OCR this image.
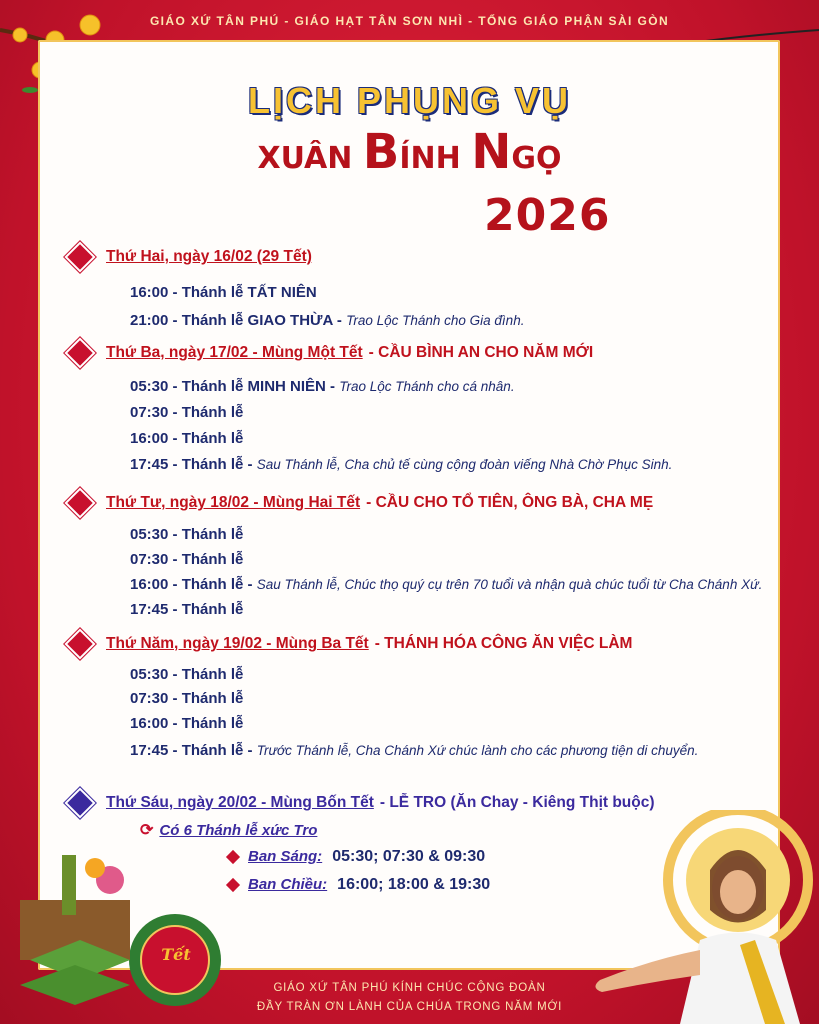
GIÁO XỨ TÂN PHÚ - GIÁO HẠT TÂN SƠN NHÌ - TỔNG GIÁO PHẬN SÀI GÒN
LỊCH PHỤNG VỤ
XUÂN BÍNH NGỌ
2026
Thứ Hai, ngày 16/02 (29 Tết)
16:00 - Thánh lễ TẤT NIÊN
21:00 - Thánh lễ GIAO THỪA - Trao Lộc Thánh cho Gia đình.
Thứ Ba, ngày 17/02 - Mùng Một Tết - CẦU BÌNH AN CHO NĂM MỚI
05:30 - Thánh lễ MINH NIÊN - Trao Lộc Thánh cho cá nhân.
07:30 - Thánh lễ
16:00 - Thánh lễ
17:45 - Thánh lễ - Sau Thánh lễ, Cha chủ tế cùng cộng đoàn viếng Nhà Chờ Phục Sinh.
Thứ Tư, ngày 18/02 - Mùng Hai Tết - CẦU CHO TỔ TIÊN, ÔNG BÀ, CHA MẸ
05:30 - Thánh lễ
07:30 - Thánh lễ
16:00 - Thánh lễ - Sau Thánh lễ, Chúc thọ quý cụ trên 70 tuổi và nhận quà chúc tuổi từ Cha Chánh Xứ.
17:45 - Thánh lễ
Thứ Năm, ngày 19/02 - Mùng Ba Tết - THÁNH HÓA CÔNG ĂN VIỆC LÀM
05:30 - Thánh lễ
07:30 - Thánh lễ
16:00 - Thánh lễ
17:45 - Thánh lễ - Trước Thánh lễ, Cha Chánh Xứ chúc lành cho các phương tiện di chuyển.
Thứ Sáu, ngày 20/02 - Mùng Bốn Tết - LỄ TRO (Ăn Chay - Kiêng Thịt buộc)
⟳ Có 6 Thánh lễ xức Tro
Ban Sáng: 05:30; 07:30 & 09:30
Ban Chiều: 16:00; 18:00 & 19:30
Tết
GIÁO XỨ TÂN PHÚ KÍNH CHÚC CỘNG ĐOÀN
ĐẦY TRÀN ƠN LÀNH CỦA CHÚA TRONG NĂM MỚI
